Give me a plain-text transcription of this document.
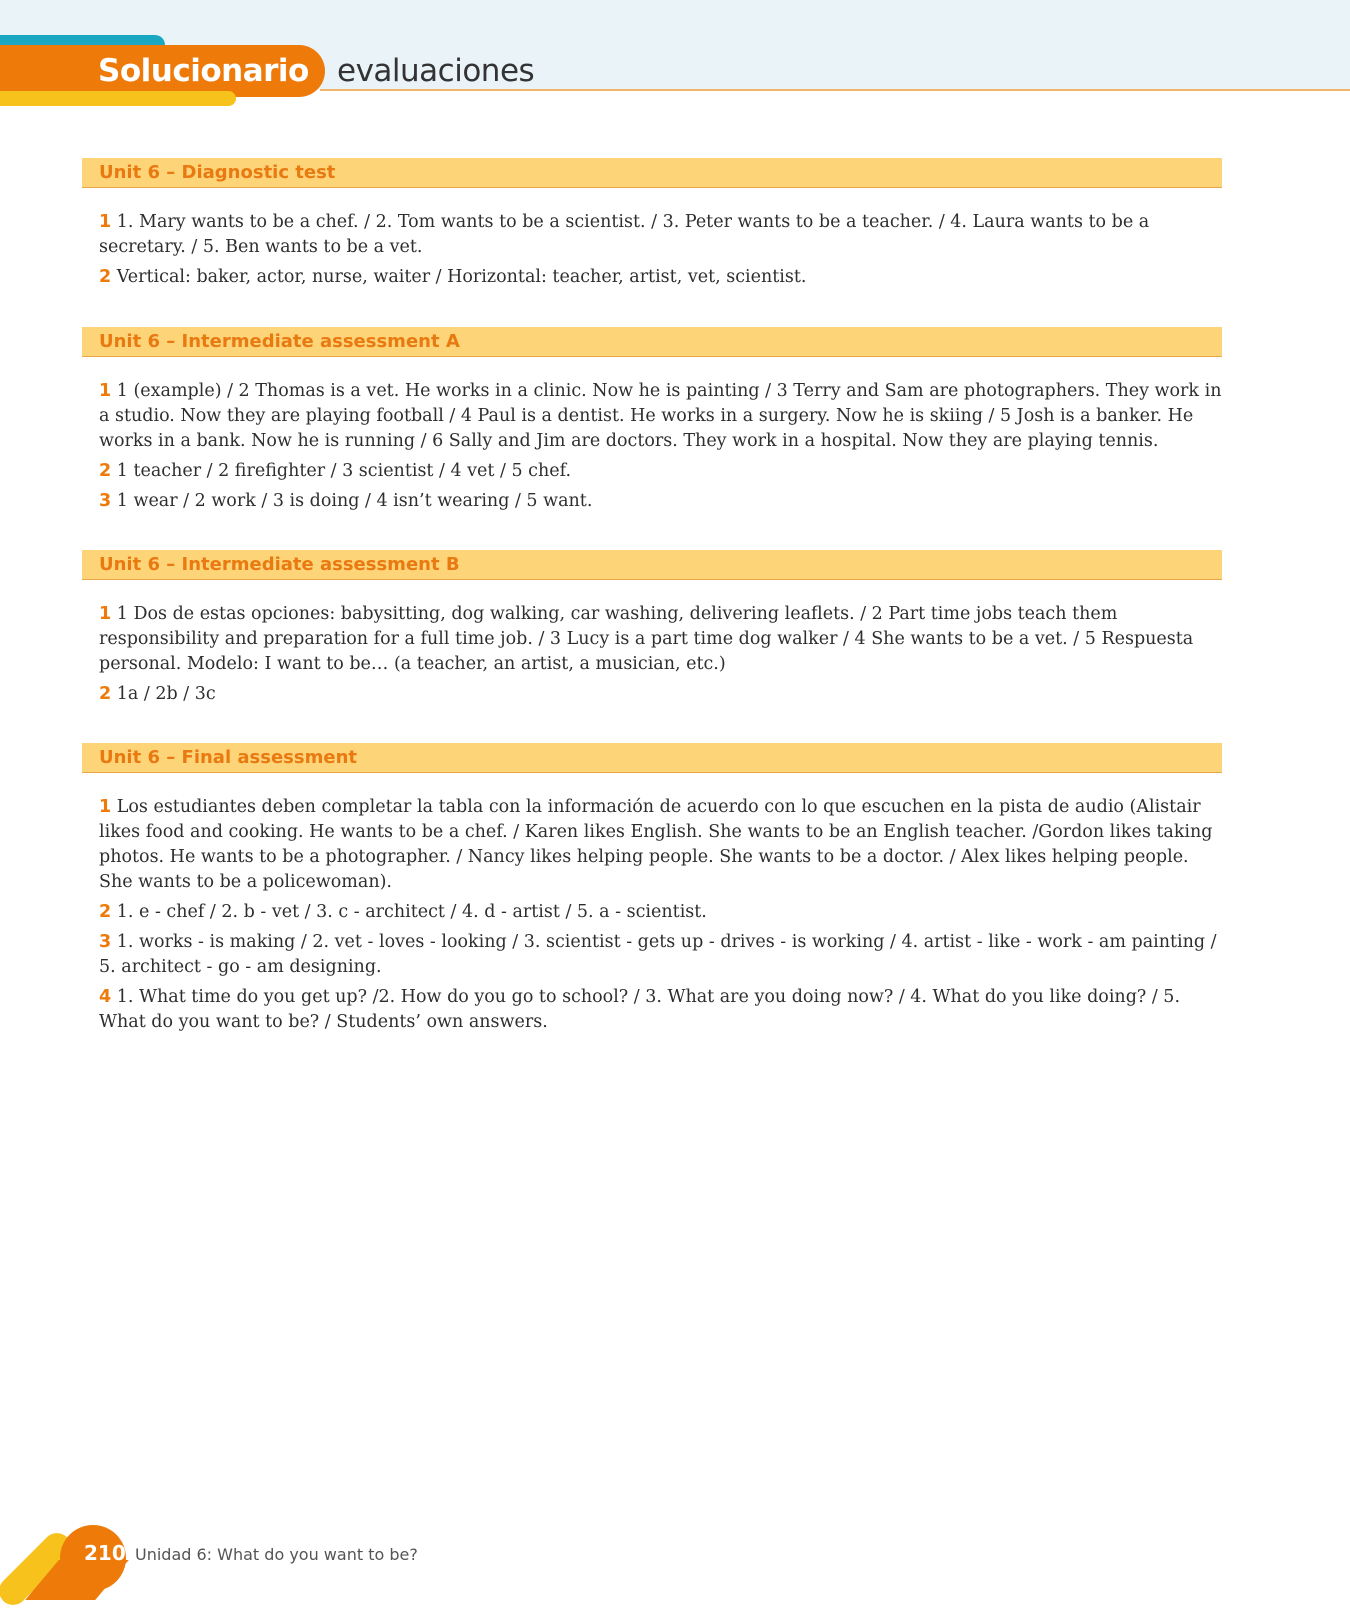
Solucionario evaluaciones
Unit 6 – Diagnostic test

1 1. Mary wants to be a chef. / 2. Tom wants to be a scientist. / 3. Peter wants to be a teacher. / 4. Laura wants to be a secretary. / 5. Ben wants to be a vet.

2 Vertical: baker, actor, nurse, waiter / Horizontal: teacher, artist, vet, scientist.

Unit 6 – Intermediate assessment A

1 1 (example) / 2 Thomas is a vet. He works in a clinic. Now he is painting / 3 Terry and Sam are photographers. They work in a studio. Now they are playing football / 4 Paul is a dentist. He works in a surgery. Now he is skiing / 5 Josh is a banker. He works in a bank. Now he is running / 6 Sally and Jim are doctors. They work in a hospital. Now they are playing tennis.

2 1 teacher / 2 firefighter / 3 scientist / 4 vet / 5 chef.

3 1 wear / 2 work / 3 is doing / 4 isn’t wearing / 5 want.

Unit 6 – Intermediate assessment B

1 1 Dos de estas opciones: babysitting, dog walking, car washing, delivering leaflets. / 2 Part time jobs teach them responsibility and preparation for a full time job. / 3 Lucy is a part time dog walker / 4 She wants to be a vet. / 5 Respuesta personal. Modelo: I want to be… (a teacher, an artist, a musician, etc.)

2 1a / 2b / 3c

Unit 6 – Final assessment

1 Los estudiantes deben completar la tabla con la información de acuerdo con lo que escuchen en la pista de audio (Alistair likes food and cooking. He wants to be a chef. / Karen likes English. She wants to be an English teacher. /Gordon likes taking photos. He wants to be a photographer. / Nancy likes helping people. She wants to be a doctor. / Alex likes helping people. She wants to be a policewoman).

2 1. e - chef / 2. b - vet / 3. c - architect / 4. d - artist / 5. a - scientist.

3 1. works - is making / 2. vet - loves - looking / 3. scientist - gets up - drives - is working / 4. artist - like - work - am painting / 5. architect - go - am designing.

4 1. What time do you get up? /2. How do you go to school? / 3. What are you doing now? / 4. What do you like doing? / 5. What do you want to be? / Students’ own answers.

210 Unidad 6: What do you want to be?
